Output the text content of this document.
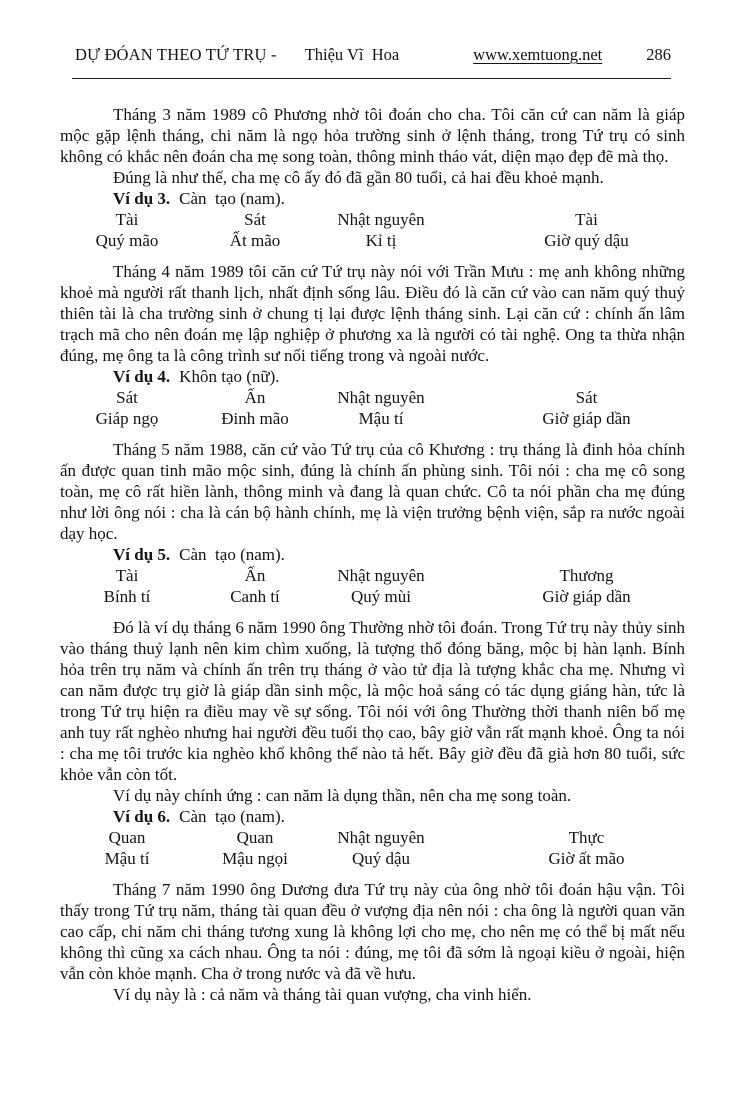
DỰ ĐÓAN THEO TỨ TRỤ - Thiệu Vĩ  Hoa	www.xemtuong.net	286

Tháng 3 năm 1989 cô Phương nhờ tôi đoán cho cha. Tôi căn cứ can năm là giáp mộc gặp lệnh tháng, chi năm là ngọ hỏa trường sinh ở lệnh tháng, trong Tứ trụ có sinh không có khắc nên đoán cha mẹ song toàn, thông minh tháo vát, diện mạo đẹp đẽ mà thọ.

Đúng là như thế, cha mẹ cô ấy đó đã gần 80 tuổi, cả hai đều khoẻ mạnh.

Ví dụ 3. Càn  tạo (nam).

Tài	Sát	Nhật nguyên	Tài
Quý mão	Ất mão	Kỉ tị	Giờ quý dậu

Tháng 4 năm 1989 tôi căn cứ Tứ trụ này nói với Trần Mưu : mẹ anh không những khoẻ mà người rất thanh lịch, nhất định sống lâu. Điều đó là căn cứ vào can năm quý thuỷ thiên tài là cha trường sinh ở chung tị lại được lệnh tháng sinh. Lại căn cứ : chính ấn lâm trạch mã cho nên đoán mẹ lập nghiệp ở phương xa là người có tài nghệ. Ong ta thừa nhận đúng, mẹ ông ta là công trình sư nổi tiếng trong và ngoài nước.

Ví dụ 4. Khôn tạo (nữ).

Sát	Ấn	Nhật nguyên	Sát
Giáp ngọ	Đinh mão	Mậu tí	Giờ giáp dần

Tháng 5 năm 1988, căn cứ vào Tứ trụ của cô Khương : trụ tháng là đinh hỏa chính ấn được quan tinh mão mộc sinh, đúng là chính ấn phùng sinh. Tôi nói : cha mẹ cô song toàn, mẹ cô rất hiền lành, thông minh và đang là quan chức. Cô ta nói phần cha mẹ đúng như lời ông nói : cha là cán bộ hành chính, mẹ là viện trưởng bệnh viện, sắp ra nước ngoài dạy học.

Ví dụ 5. Càn  tạo (nam).

Tài	Ấn	Nhật nguyên	Thương
Bính tí	Canh tí	Quý mùi	Giờ giáp dần

Đó là ví dụ tháng 6 năm 1990 ông Thường nhờ tôi đoán. Trong Tứ trụ này thủy sinh vào tháng thuỷ lạnh nên kim chìm xuống, là tượng thổ đóng băng, mộc bị hàn lạnh. Bính hỏa trên trụ năm và chính ấn trên trụ tháng ở vào tử địa là tượng khắc cha mẹ. Nhưng vì can năm được trụ giờ là giáp dần sinh mộc, là mộc hoả sáng có tác dụng giáng hàn, tức là trong Tứ trụ hiện ra điều may về sự sống. Tôi nói với ông Thường thời thanh niên bố mẹ anh tuy rất nghèo nhưng hai người đều tuổi thọ cao, bây giờ vẫn rất mạnh khoẻ. Ông ta nói : cha mẹ tôi trước kia nghèo khổ không thể nào tả hết. Bây giờ đều đã già hơn 80 tuổi, sức khỏe vẫn còn tốt.

Ví dụ này chính ứng : can năm là dụng thần, nên cha mẹ song toàn.

Ví dụ 6. Càn  tạo (nam).

Quan	Quan	Nhật nguyên	Thực
Mậu tí	Mậu ngọi	Quý dậu	Giờ ất mão

Tháng 7 năm 1990 ông Dương đưa Tứ trụ này của ông nhờ tôi đoán hậu vận. Tôi thấy trong Tứ trụ năm, tháng tài quan đều ở vượng địa nên nói : cha ông là người quan văn cao cấp, chi năm chi tháng tương xung là không lợi cho mẹ, cho nên mẹ có thể bị mất nếu không thì cũng xa cách nhau. Ông ta nói : đúng, mẹ tôi đã sớm là ngoại kiều ở ngoài, hiện vẫn còn khỏe mạnh. Cha ở trong nước và đã về hưu.

Ví dụ này là : cả năm và tháng tài quan vượng, cha vinh hiển.
